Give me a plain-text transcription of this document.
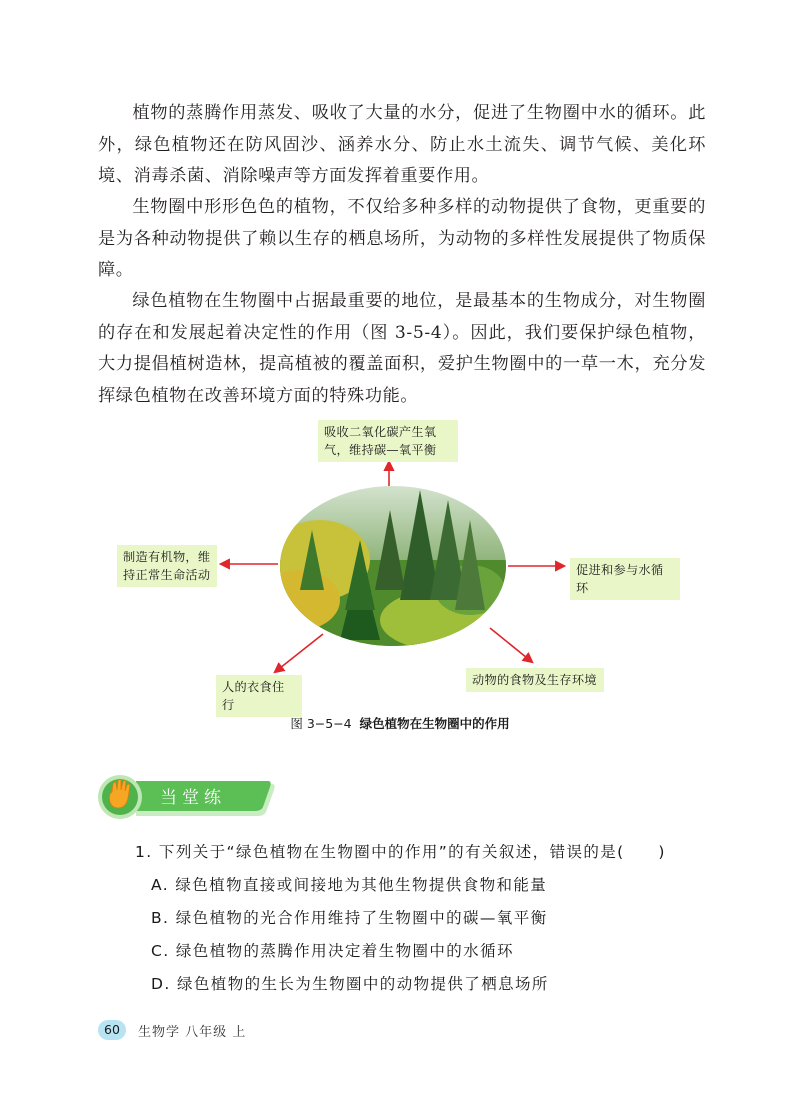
植物的蒸腾作用蒸发、吸收了大量的水分，促进了生物圈中水的循环。此外，绿色植物还在防风固沙、涵养水分、防止水土流失、调节气候、美化环境、消毒杀菌、消除噪声等方面发挥着重要作用。

生物圈中形形色色的植物，不仅给多种多样的动物提供了食物，更重要的是为各种动物提供了赖以生存的栖息场所，为动物的多样性发展提供了物质保障。

绿色植物在生物圈中占据最重要的地位，是最基本的生物成分，对生物圈的存在和发展起着决定性的作用（图 3-5-4）。因此，我们要保护绿色植物，大力提倡植树造林，提高植被的覆盖面积，爱护生物圈中的一草一木，充分发挥绿色植物在改善环境方面的特殊功能。

吸收二氧化碳产生氧气，维持碳—氧平衡
制造有机物，维持正常生命活动	促进和参与水循环
人的衣食住行
动物的食物及生存环境
图 3−5−4 绿色植物在生物圈中的作用
当堂练
1. 下列关于“绿色植物在生物圈中的作用”的有关叙述，错误的是(　　)
A. 绿色植物直接或间接地为其他生物提供食物和能量
B. 绿色植物的光合作用维持了生物圈中的碳—氧平衡
C. 绿色植物的蒸腾作用决定着生物圈中的水循环
D. 绿色植物的生长为生物圈中的动物提供了栖息场所
60	生物学 八年级 上
